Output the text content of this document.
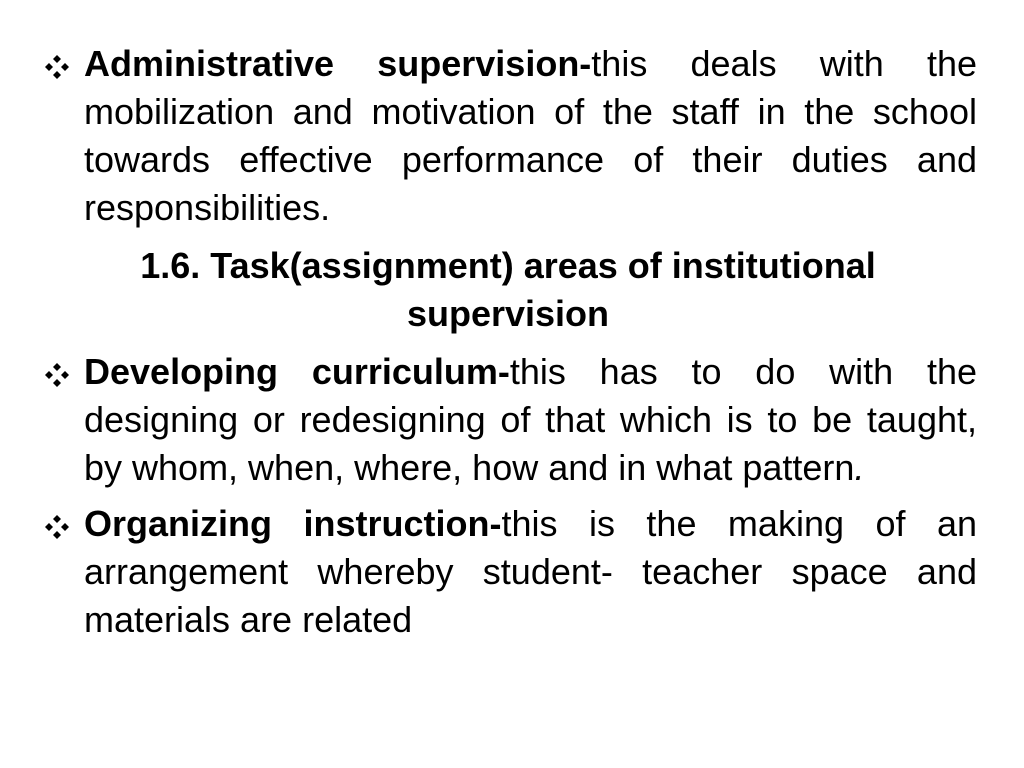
Administrative supervision-this deals with the mobilization and motivation of the staff in the school towards effective performance of their duties and responsibilities.
1.6. Task(assignment) areas of institutional
supervision
Developing curriculum-this has to do with the designing or redesigning of that which is to be taught, by whom, when, where, how and in what pattern.
Organizing instruction-this is the making of an arrangement whereby student- teacher space and materials are related
